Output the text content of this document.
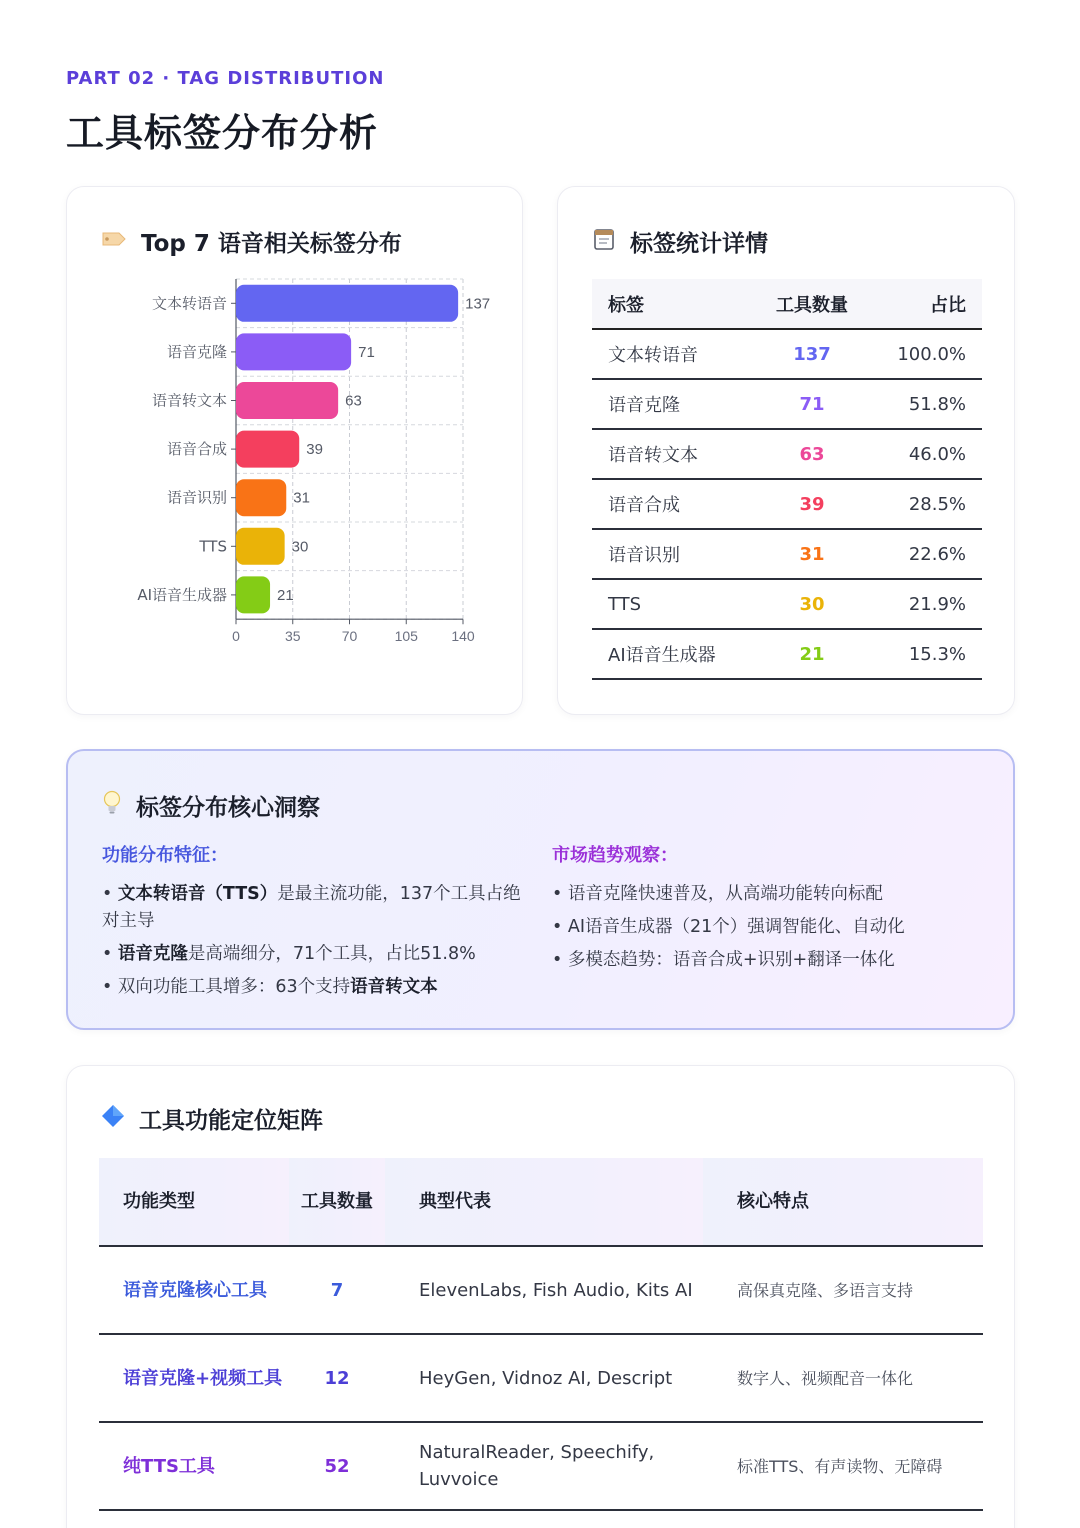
PART 02 · TAG DISTRIBUTION
工具标签分布分析
Top 7 语音相关标签分布
0	35	70	105 140
文本转语音	137
语音克隆	71
语音转文本	63
语音合成	39
语音识别	31
TTS	30
AI语音生成器	21
标签统计详情
标签	工具数量	占比
文本转语音	137	100.0%
语音克隆	71	51.8%
语音转文本	63	46.0%
语音合成	39	28.5%
语音识别	31	22.6%
TTS	30	21.9%
AI语音生成器	21	15.3%
标签分布核心洞察
功能分布特征：
• 文本转语音（TTS）是最主流功能，137个工具占绝对主导
• 语音克隆是高端细分，71个工具，占比51.8%
• 双向功能工具增多：63个支持语音转文本
市场趋势观察：
• 语音克隆快速普及，从高端功能转向标配
• AI语音生成器（21个）强调智能化、自动化
• 多模态趋势：语音合成+识别+翻译一体化
工具功能定位矩阵
功能类型	工具数量	典型代表	核心特点
语音克隆核心工具	7	ElevenLabs, Fish Audio, Kits AI	高保真克隆、多语言支持
语音克隆+视频工具	12	HeyGen, Vidnoz AI, Descript	数字人、视频配音一体化
纯TTS工具	52	NaturalReader, Speechify, Luvvoice	标准TTS、有声读物、无障碍
